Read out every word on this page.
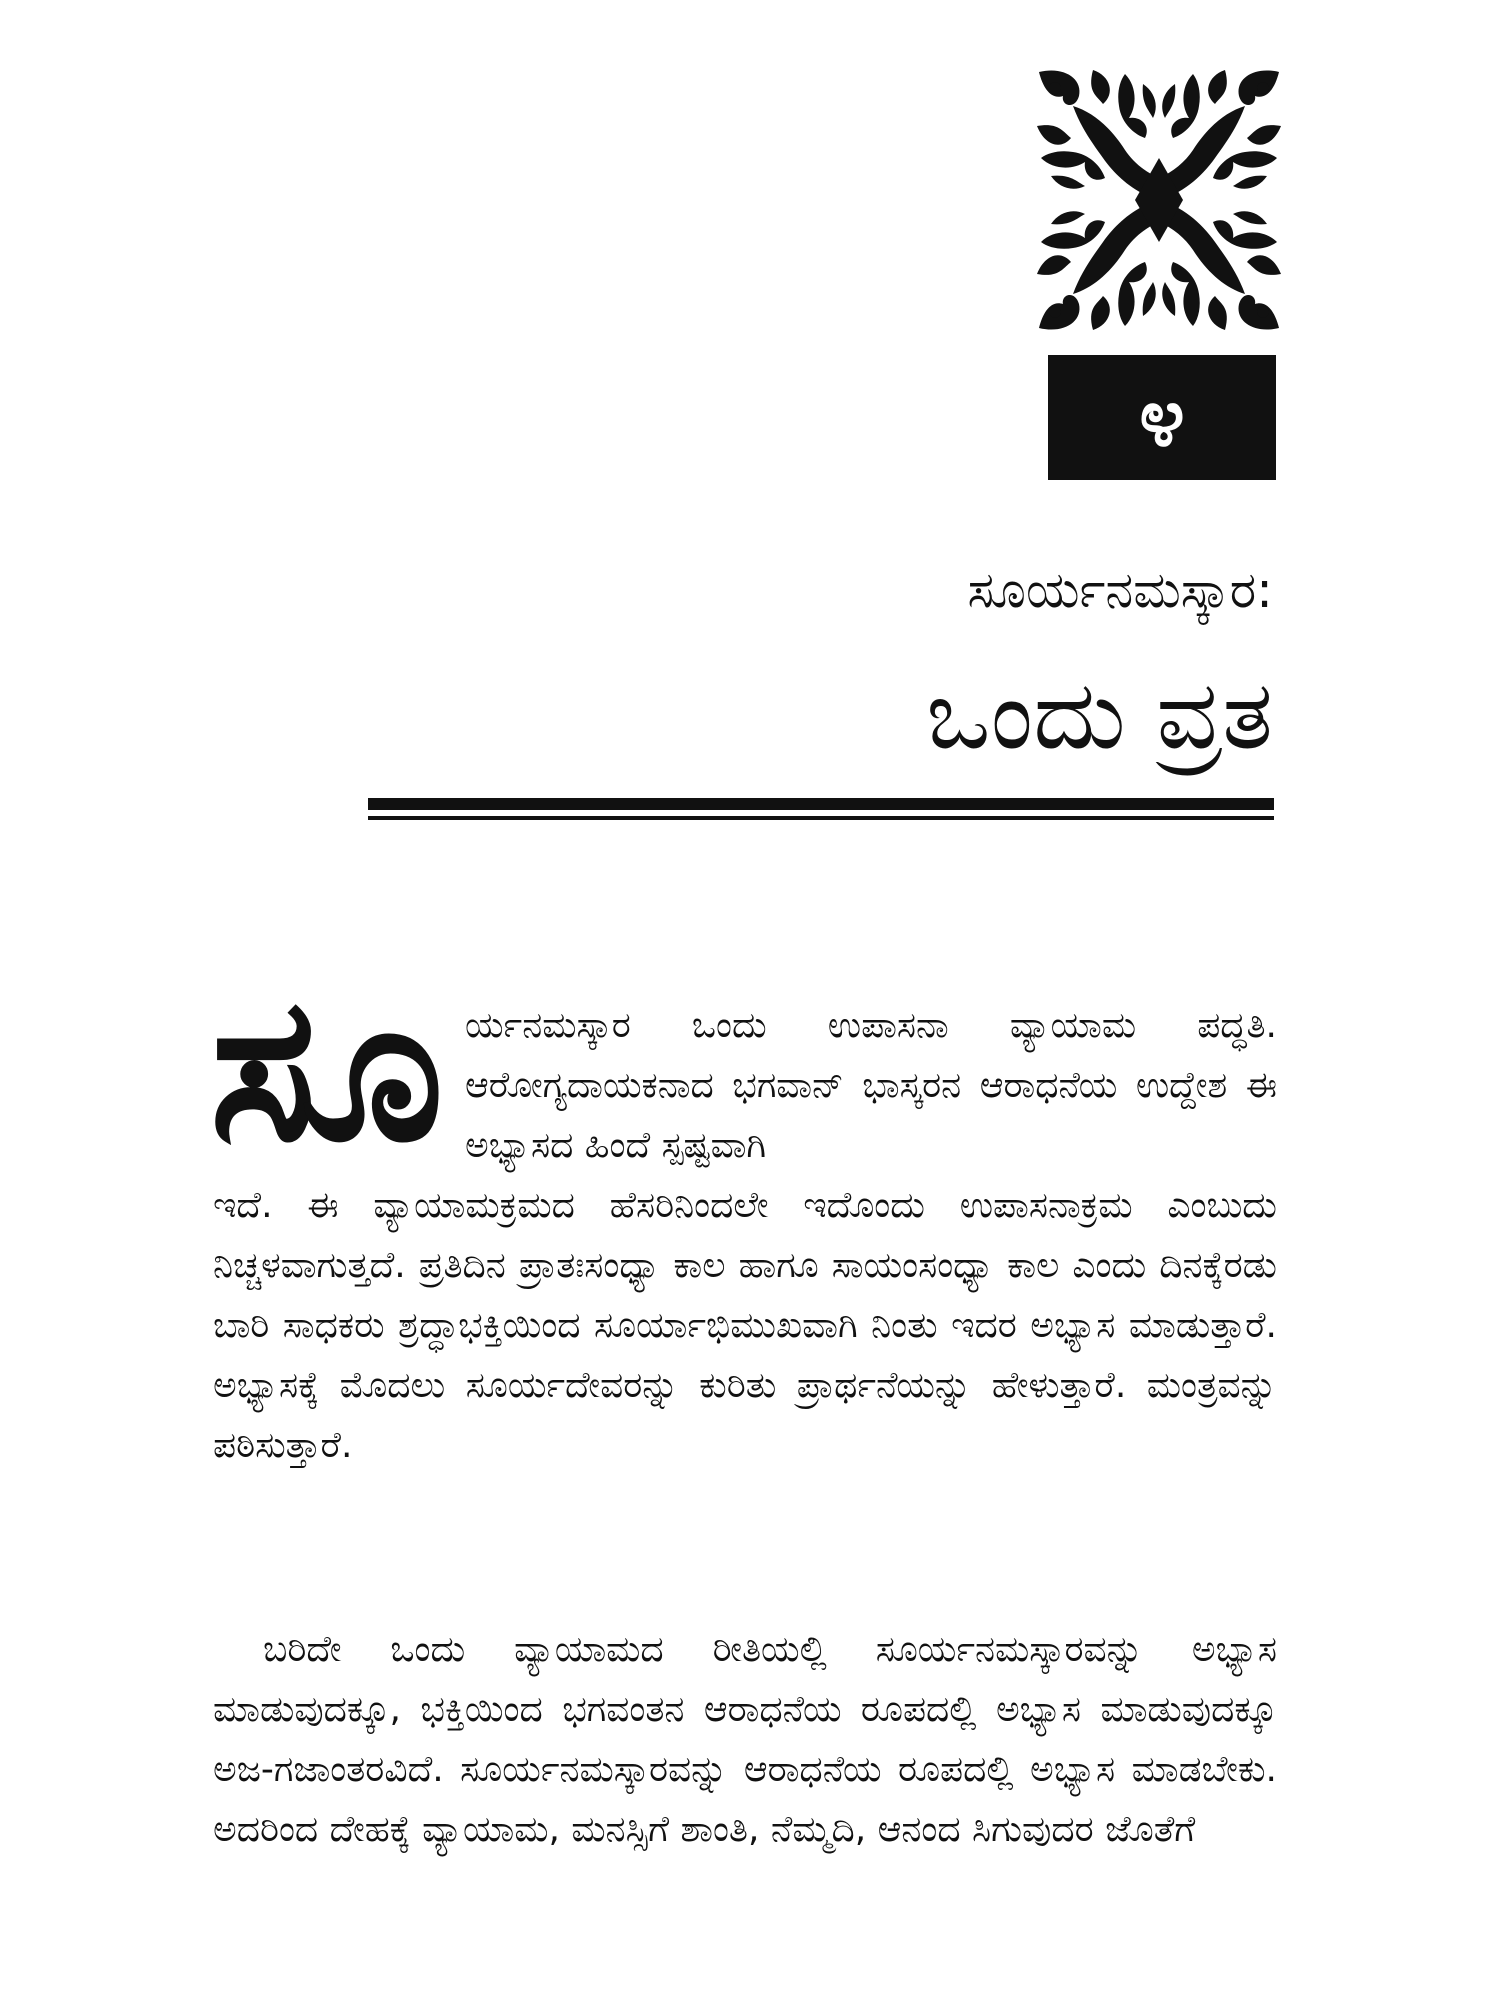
೪
ಸೂರ್ಯನಮಸ್ಕಾರ:
ಒಂದು ವ್ರತ
ಸೂ ರ್ಯನಮಸ್ಕಾರ ಒಂದು ಉಪಾಸನಾ ವ್ಯಾಯಾಮ ಪದ್ಧತಿ. ಆರೋಗ್ಯದಾಯಕನಾದ ಭಗವಾನ್ ಭಾಸ್ಕರನ ಆರಾಧನೆಯ ಉದ್ದೇಶ ಈ ಅಭ್ಯಾಸದ ಹಿಂದೆ ಸ್ಪಷ್ಟವಾಗಿ

ಇದೆ. ಈ ವ್ಯಾಯಾಮಕ್ರಮದ ಹೆಸರಿನಿಂದಲೇ ಇದೊಂದು ಉಪಾಸನಾಕ್ರಮ ಎಂಬುದು ನಿಚ್ಚಳವಾಗುತ್ತದೆ. ಪ್ರತಿದಿನ ಪ್ರಾತಃಸಂಧ್ಯಾ ಕಾಲ ಹಾಗೂ ಸಾಯಂಸಂಧ್ಯಾ ಕಾಲ ಎಂದು ದಿನಕ್ಕೆರಡು ಬಾರಿ ಸಾಧಕರು ಶ್ರದ್ಧಾಭಕ್ತಿಯಿಂದ ಸೂರ್ಯಾಭಿಮುಖವಾಗಿ ನಿಂತು ಇದರ ಅಭ್ಯಾಸ ಮಾಡುತ್ತಾರೆ. ಅಭ್ಯಾಸಕ್ಕೆ ಮೊದಲು ಸೂರ್ಯದೇವರನ್ನು ಕುರಿತು ಪ್ರಾರ್ಥನೆಯನ್ನು ಹೇಳುತ್ತಾರೆ. ಮಂತ್ರವನ್ನು ಪಠಿಸುತ್ತಾರೆ.

ಬರಿದೇ ಒಂದು ವ್ಯಾಯಾಮದ ರೀತಿಯಲ್ಲಿ ಸೂರ್ಯನಮಸ್ಕಾರವನ್ನು ಅಭ್ಯಾಸ ಮಾಡುವುದಕ್ಕೂ, ಭಕ್ತಿಯಿಂದ ಭಗವಂತನ ಆರಾಧನೆಯ ರೂಪದಲ್ಲಿ ಅಭ್ಯಾಸ ಮಾಡುವುದಕ್ಕೂ ಅಜ-ಗಜಾಂತರವಿದೆ. ಸೂರ್ಯನಮಸ್ಕಾರವನ್ನು ಆರಾಧನೆಯ ರೂಪದಲ್ಲಿ ಅಭ್ಯಾಸ ಮಾಡಬೇಕು. ಅದರಿಂದ ದೇಹಕ್ಕೆ ವ್ಯಾಯಾಮ, ಮನಸ್ಸಿಗೆ ಶಾಂತಿ, ನೆಮ್ಮದಿ, ಆನಂದ ಸಿಗುವುದರ ಜೊತೆಗೆ
